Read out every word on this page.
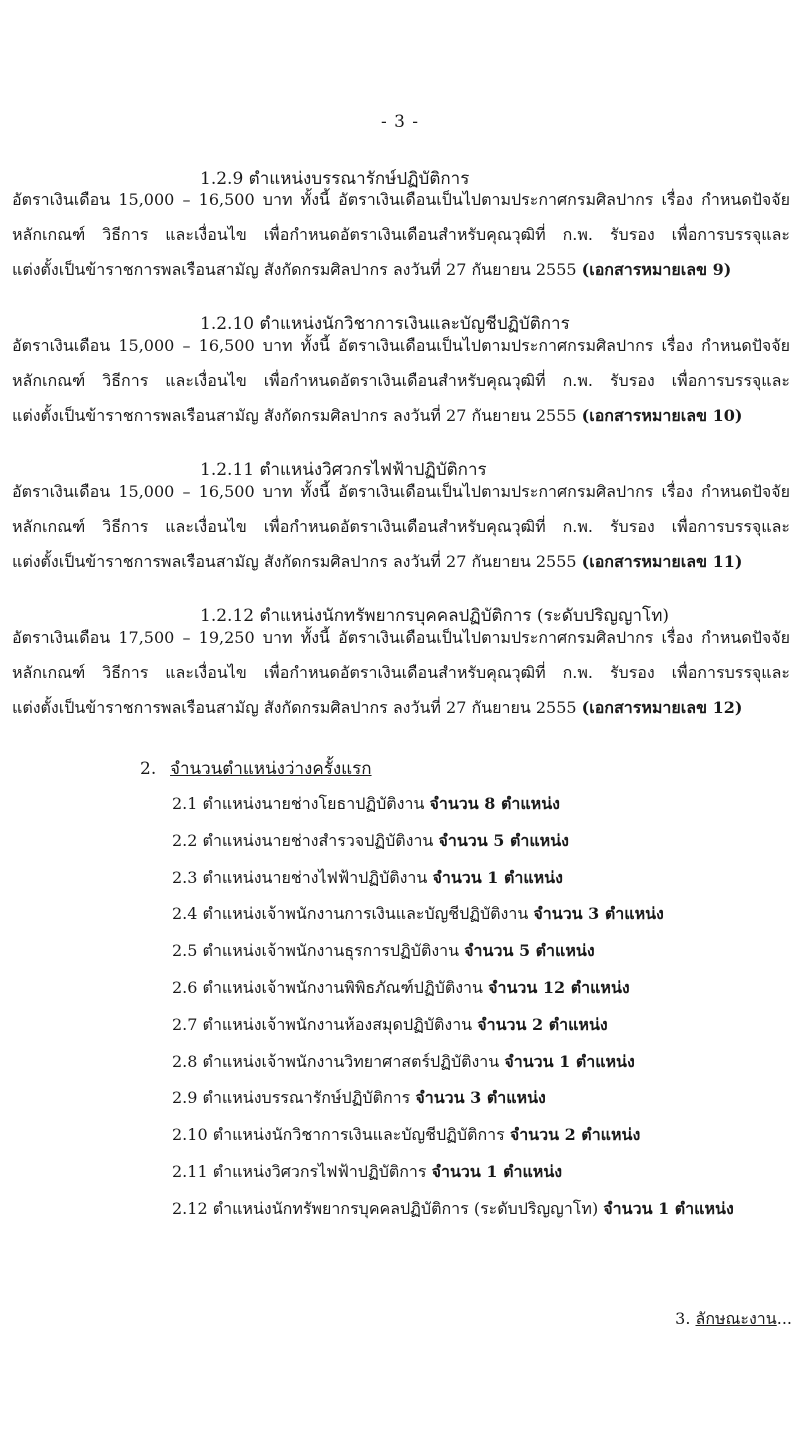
- 3 -
1.2.9 ตำแหน่งบรรณารักษ์ปฏิบัติการ
อัตราเงินเดือน 15,000 – 16,500 บาท ทั้งนี้ อัตราเงินเดือนเป็นไปตามประกาศกรมศิลปากร เรื่อง กำหนดปัจจัย
หลักเกณฑ์ วิธีการ และเงื่อนไข เพื่อกำหนดอัตราเงินเดือนสำหรับคุณวุฒิที่ ก.พ. รับรอง เพื่อการบรรจุและ
แต่งตั้งเป็นข้าราชการพลเรือนสามัญ สังกัดกรมศิลปากร ลงวันที่ 27 กันยายน 2555 (เอกสารหมายเลข 9)
1.2.10 ตำแหน่งนักวิชาการเงินและบัญชีปฏิบัติการ
อัตราเงินเดือน 15,000 – 16,500 บาท ทั้งนี้ อัตราเงินเดือนเป็นไปตามประกาศกรมศิลปากร เรื่อง กำหนดปัจจัย
หลักเกณฑ์ วิธีการ และเงื่อนไข เพื่อกำหนดอัตราเงินเดือนสำหรับคุณวุฒิที่ ก.พ. รับรอง เพื่อการบรรจุและ
แต่งตั้งเป็นข้าราชการพลเรือนสามัญ สังกัดกรมศิลปากร ลงวันที่ 27 กันยายน 2555 (เอกสารหมายเลข 10)
1.2.11 ตำแหน่งวิศวกรไฟฟ้าปฏิบัติการ
อัตราเงินเดือน 15,000 – 16,500 บาท ทั้งนี้ อัตราเงินเดือนเป็นไปตามประกาศกรมศิลปากร เรื่อง กำหนดปัจจัย
หลักเกณฑ์ วิธีการ และเงื่อนไข เพื่อกำหนดอัตราเงินเดือนสำหรับคุณวุฒิที่ ก.พ. รับรอง เพื่อการบรรจุและ
แต่งตั้งเป็นข้าราชการพลเรือนสามัญ สังกัดกรมศิลปากร ลงวันที่ 27 กันยายน 2555 (เอกสารหมายเลข 11)
1.2.12 ตำแหน่งนักทรัพยากรบุคคลปฏิบัติการ (ระดับปริญญาโท)
อัตราเงินเดือน 17,500 – 19,250 บาท ทั้งนี้ อัตราเงินเดือนเป็นไปตามประกาศกรมศิลปากร เรื่อง กำหนดปัจจัย
หลักเกณฑ์ วิธีการ และเงื่อนไข เพื่อกำหนดอัตราเงินเดือนสำหรับคุณวุฒิที่ ก.พ. รับรอง เพื่อการบรรจุและ
แต่งตั้งเป็นข้าราชการพลเรือนสามัญ สังกัดกรมศิลปากร ลงวันที่ 27 กันยายน 2555 (เอกสารหมายเลข 12)
2. จำนวนตำแหน่งว่างครั้งแรก
2.1 ตำแหน่งนายช่างโยธาปฏิบัติงาน จำนวน 8 ตำแหน่ง
2.2 ตำแหน่งนายช่างสำรวจปฏิบัติงาน จำนวน 5 ตำแหน่ง
2.3 ตำแหน่งนายช่างไฟฟ้าปฏิบัติงาน จำนวน 1 ตำแหน่ง
2.4 ตำแหน่งเจ้าพนักงานการเงินและบัญชีปฏิบัติงาน จำนวน 3 ตำแหน่ง
2.5 ตำแหน่งเจ้าพนักงานธุรการปฏิบัติงาน จำนวน 5 ตำแหน่ง
2.6 ตำแหน่งเจ้าพนักงานพิพิธภัณฑ์ปฏิบัติงาน จำนวน 12 ตำแหน่ง
2.7 ตำแหน่งเจ้าพนักงานห้องสมุดปฏิบัติงาน จำนวน 2 ตำแหน่ง
2.8 ตำแหน่งเจ้าพนักงานวิทยาศาสตร์ปฏิบัติงาน จำนวน 1 ตำแหน่ง
2.9 ตำแหน่งบรรณารักษ์ปฏิบัติการ จำนวน 3 ตำแหน่ง
2.10 ตำแหน่งนักวิชาการเงินและบัญชีปฏิบัติการ จำนวน 2 ตำแหน่ง
2.11 ตำแหน่งวิศวกรไฟฟ้าปฏิบัติการ จำนวน 1 ตำแหน่ง
2.12 ตำแหน่งนักทรัพยากรบุคคลปฏิบัติการ (ระดับปริญญาโท) จำนวน 1 ตำแหน่ง
3. ลักษณะงาน...
